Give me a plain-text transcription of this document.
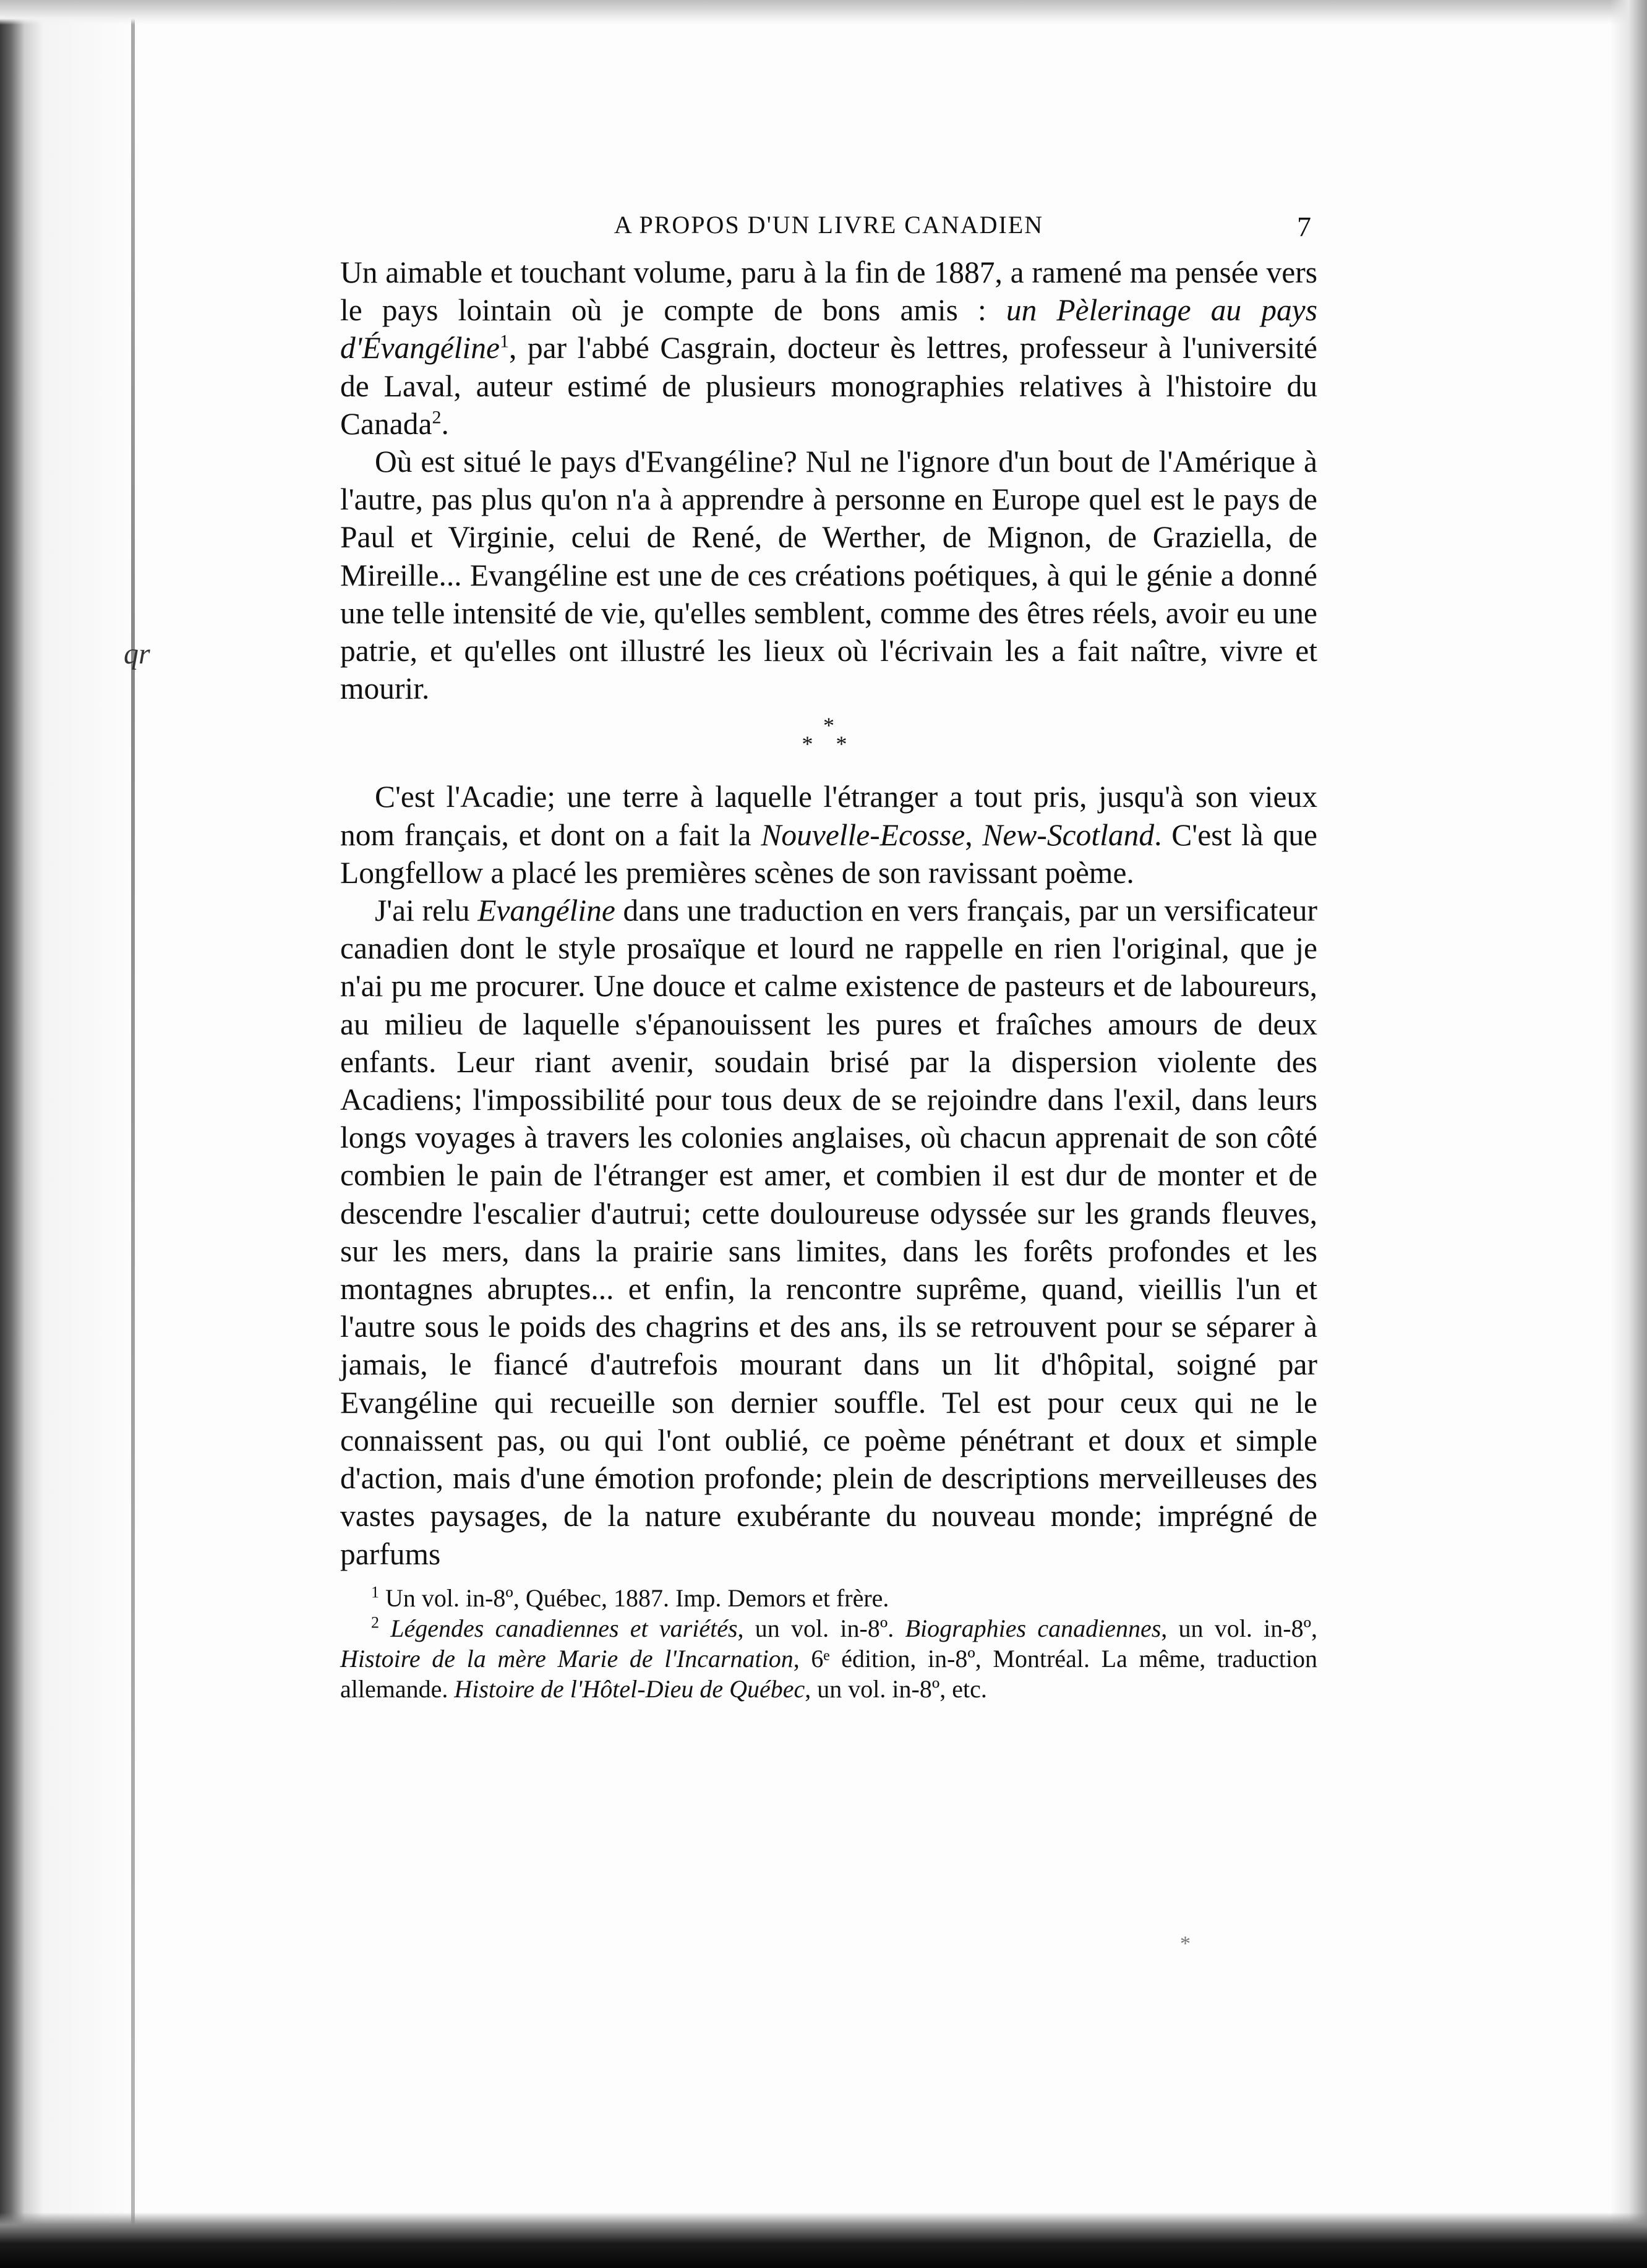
qr
A PROPOS D'UN LIVRE CANADIEN	7

Un aimable et touchant volume, paru à la fin de 1887, a ramené ma pensée vers le pays lointain où je compte de bons amis : un Pèlerinage au pays d'Évangéline$^1$, par l'abbé Casgrain, docteur ès lettres, professeur à l'université de Laval, auteur estimé de plusieurs monographies relatives à l'histoire du Canada$^2$.

Où est situé le pays d'Evangéline? Nul ne l'ignore d'un bout de l'Amérique à l'autre, pas plus qu'on n'a à apprendre à personne en Europe quel est le pays de Paul et Virginie, celui de René, de Werther, de Mignon, de Graziella, de Mireille... Evangéline est une de ces créations poétiques, à qui le génie a donné une telle intensité de vie, qu'elles semblent, comme des êtres réels, avoir eu une patrie, et qu'elles ont illustré les lieux où l'écrivain les a fait naître, vivre et mourir.

*
* *

C'est l'Acadie; une terre à laquelle l'étranger a tout pris, jusqu'à son vieux nom français, et dont on a fait la Nouvelle-Ecosse, New-Scotland. C'est là que Longfellow a placé les premières scènes de son ravissant poème.

J'ai relu Evangéline dans une traduction en vers français, par un versificateur canadien dont le style prosaïque et lourd ne rappelle en rien l'original, que je n'ai pu me procurer. Une douce et calme existence de pasteurs et de laboureurs, au milieu de laquelle s'épanouissent les pures et fraîches amours de deux enfants. Leur riant avenir, soudain brisé par la dispersion violente des Acadiens; l'impossibilité pour tous deux de se rejoindre dans l'exil, dans leurs longs voyages à travers les colonies anglaises, où chacun apprenait de son côté combien le pain de l'étranger est amer, et combien il est dur de monter et de descendre l'escalier d'autrui; cette douloureuse odyssée sur les grands fleuves, sur les mers, dans la prairie sans limites, dans les forêts profondes et les montagnes abruptes... et enfin, la rencontre suprême, quand, vieillis l'un et l'autre sous le poids des chagrins et des ans, ils se retrouvent pour se séparer à jamais, le fiancé d'autrefois mourant dans un lit d'hôpital, soigné par Evangéline qui recueille son dernier souffle. Tel est pour ceux qui ne le connaissent pas, ou qui l'ont oublié, ce poème pénétrant et doux et simple d'action, mais d'une émotion profonde; plein de descriptions merveilleuses des vastes paysages, de la nature exubérante du nouveau monde; imprégné de parfums

$^1$ Un vol. in-8º, Québec, 1887. Imp. Demors et frère.

$^2$ Légendes canadiennes et variétés, un vol. in-8º. Biographies canadiennes, un vol. in-8º, Histoire de la mère Marie de l'Incarnation, 6ᵉ édition, in-8º, Montréal. La même, traduction allemande. Histoire de l'Hôtel-Dieu de Québec, un vol. in-8º, etc.

*
